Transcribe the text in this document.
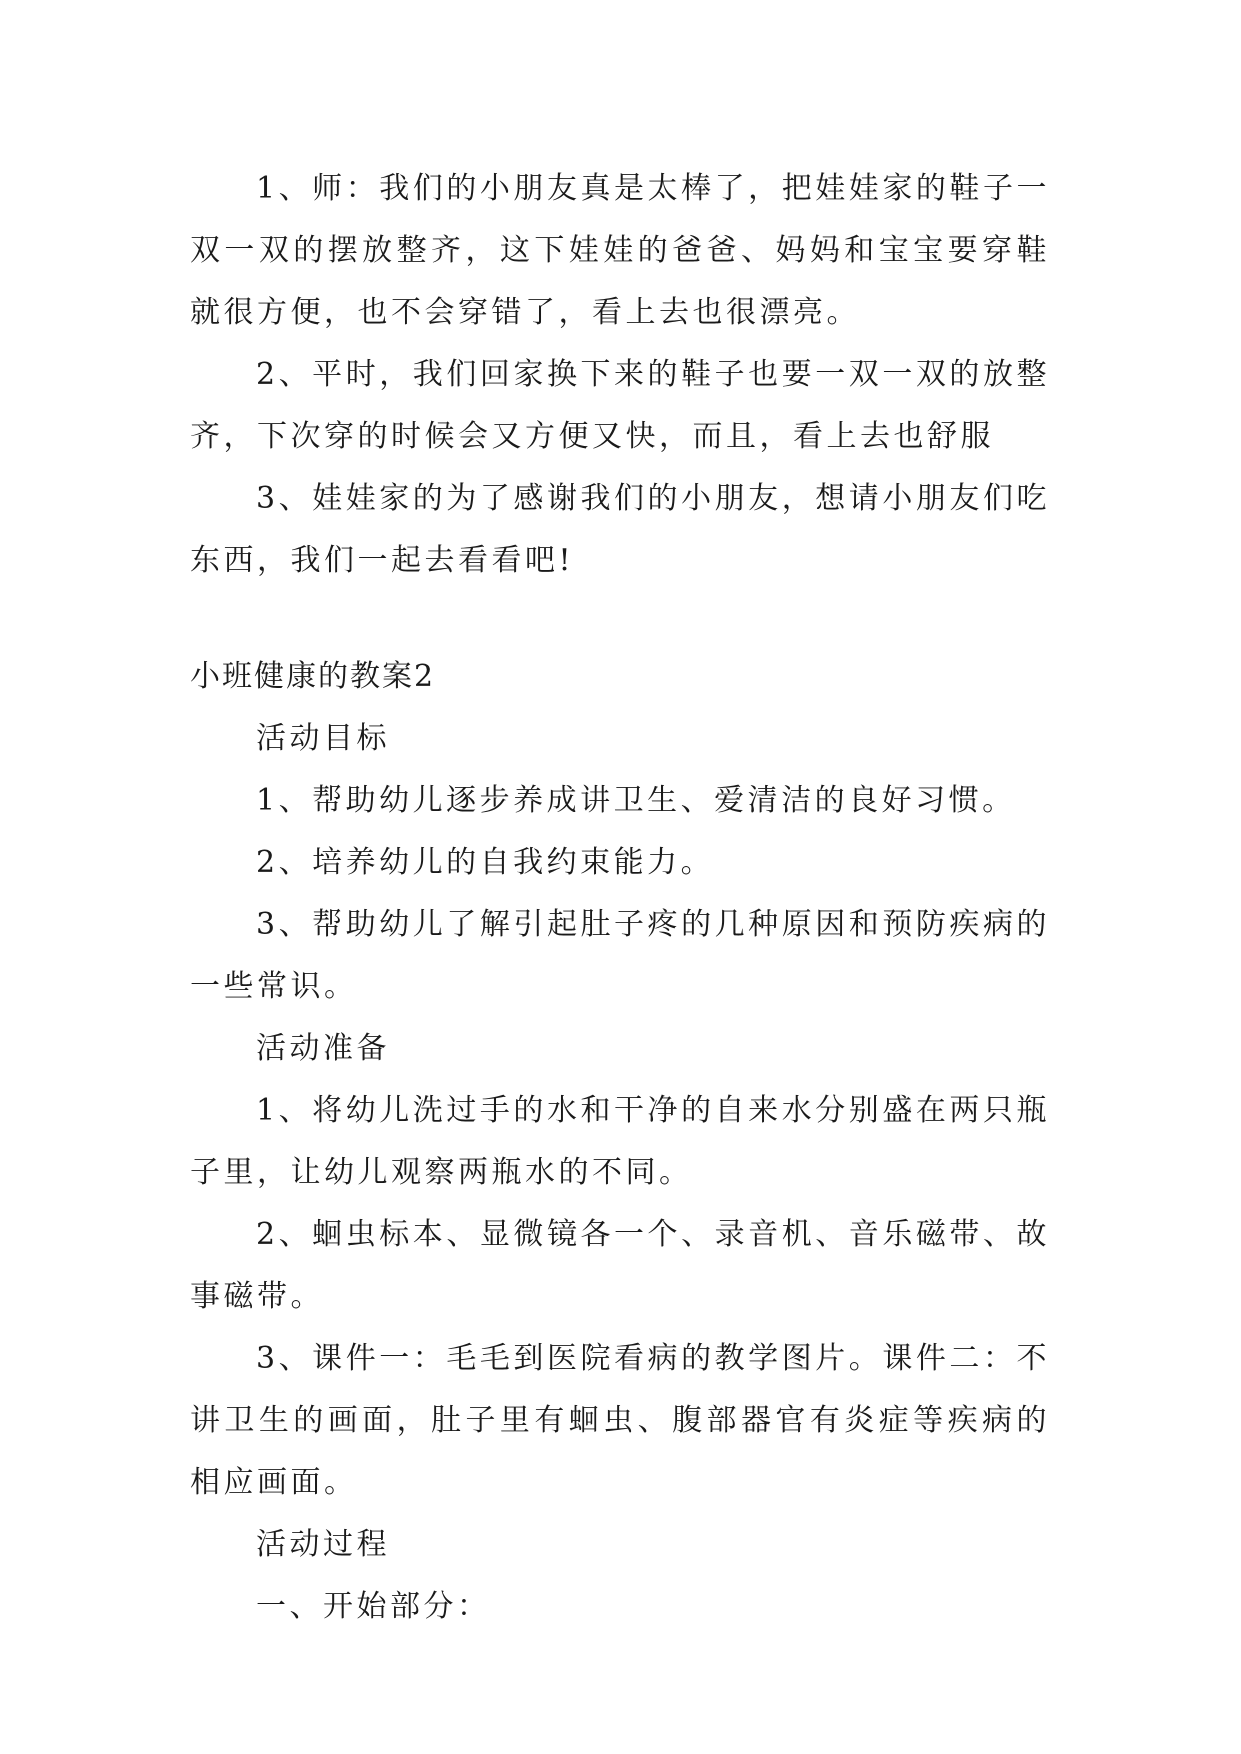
1、师：我们的小朋友真是太棒了，把娃娃家的鞋子一双一双的摆放整齐，这下娃娃的爸爸、妈妈和宝宝要穿鞋就很方便，也不会穿错了，看上去也很漂亮。

2、平时，我们回家换下来的鞋子也要一双一双的放整齐，下次穿的时候会又方便又快，而且，看上去也舒服

3、娃娃家的为了感谢我们的小朋友，想请小朋友们吃东西，我们一起去看看吧!

小班健康的教案2

活动目标

1、帮助幼儿逐步养成讲卫生、爱清洁的良好习惯。

2、培养幼儿的自我约束能力。

3、帮助幼儿了解引起肚子疼的几种原因和预防疾病的一些常识。

活动准备

1、将幼儿洗过手的水和干净的自来水分别盛在两只瓶子里，让幼儿观察两瓶水的不同。

2、蛔虫标本、显微镜各一个、录音机、音乐磁带、故事磁带。

3、课件一：毛毛到医院看病的教学图片。课件二：不讲卫生的画面，肚子里有蛔虫、腹部器官有炎症等疾病的相应画面。

活动过程

一、开始部分：
